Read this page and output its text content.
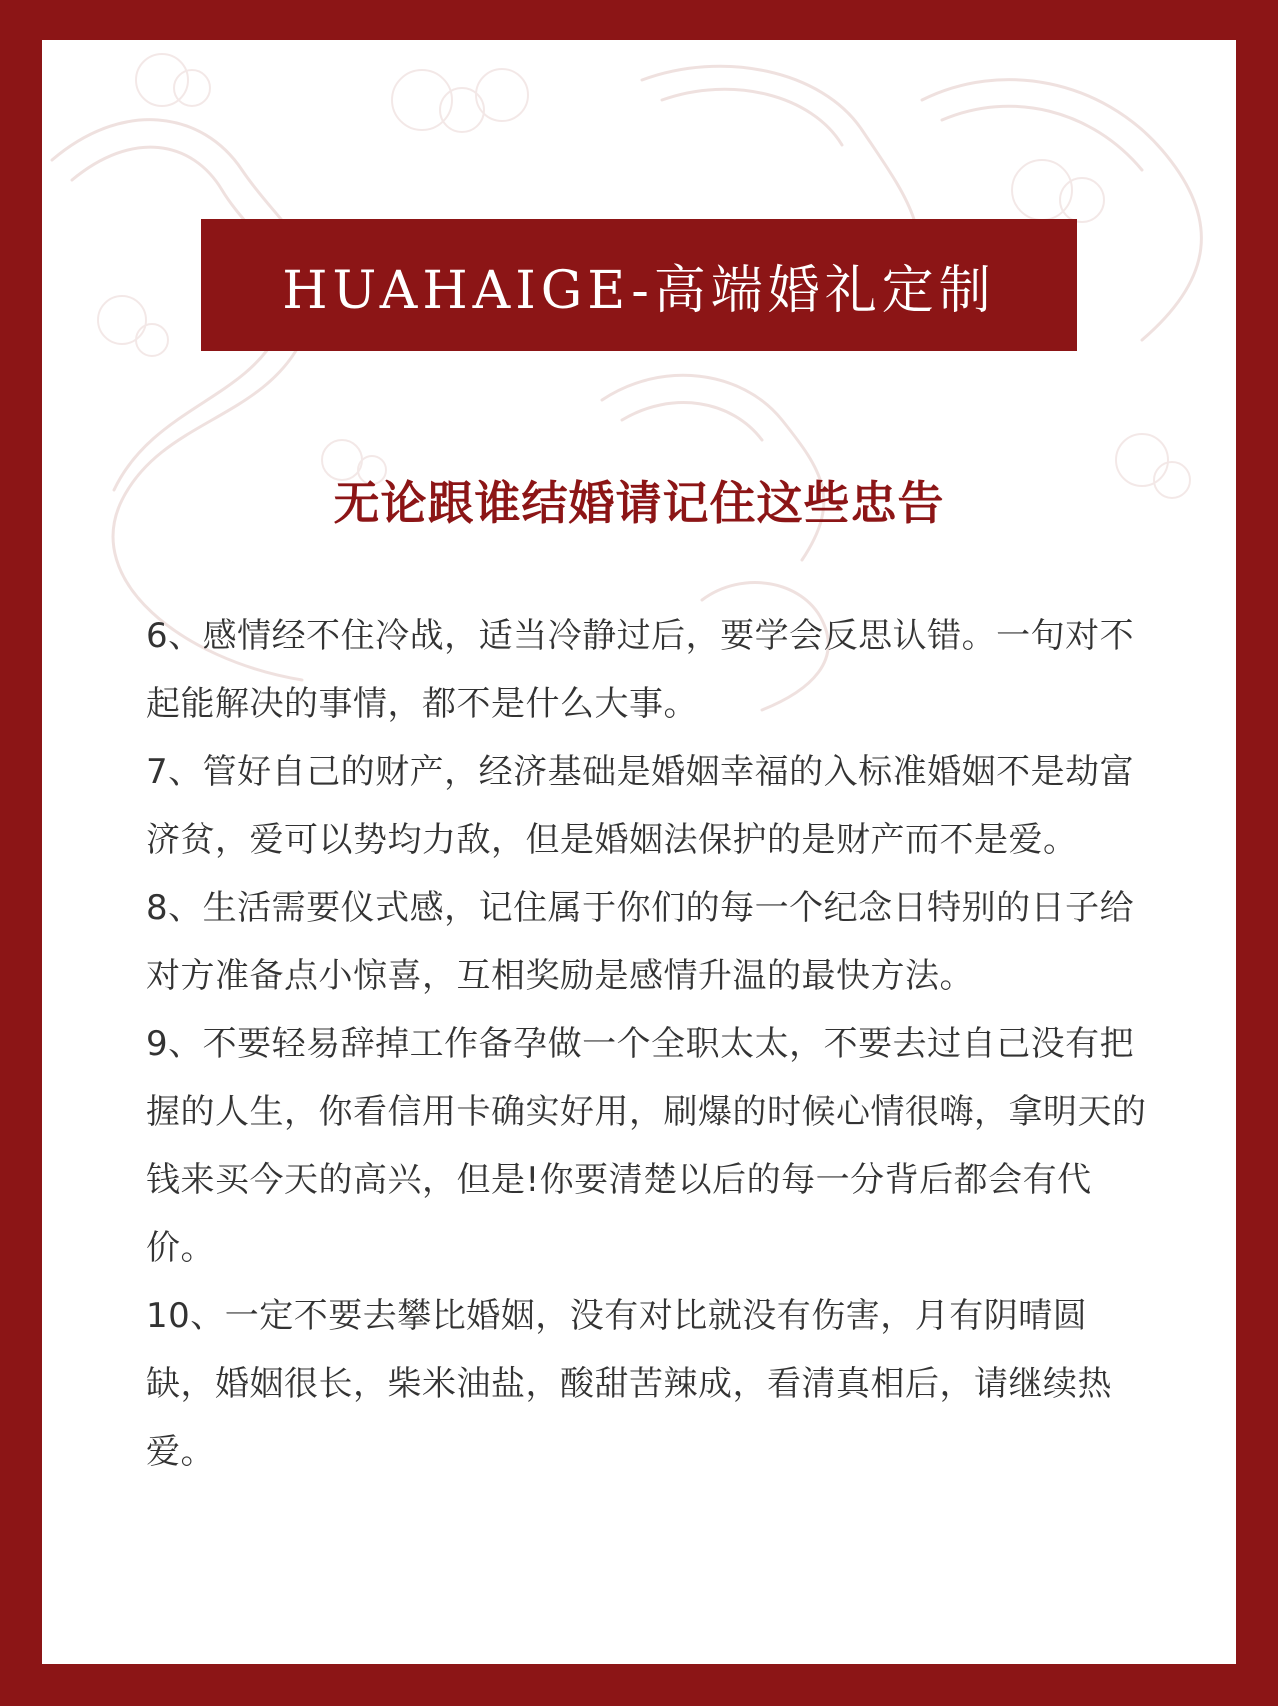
HUAHAIGE-高端婚礼定制
无论跟谁结婚请记住这些忠告

6、感情经不住冷战，适当冷静过后，要学会反思认错。一句对不起能解决的事情，都不是什么大事。

7、管好自己的财产，经济基础是婚姻幸福的入标准婚姻不是劫富济贫，爱可以势均力敌，但是婚姻法保护的是财产而不是爱。

8、生活需要仪式感，记住属于你们的每一个纪念日特别的日子给对方准备点小惊喜，互相奖励是感情升温的最快方法。

9、不要轻易辞掉工作备孕做一个全职太太，不要去过自己没有把握的人生，你看信用卡确实好用，刷爆的时候心情很嗨，拿明天的钱来买今天的高兴，但是!你要清楚以后的每一分背后都会有代价。

10、一定不要去攀比婚姻，没有对比就没有伤害，月有阴晴圆缺，婚姻很长，柴米油盐，酸甜苦辣成，看清真相后，请继续热爱。
